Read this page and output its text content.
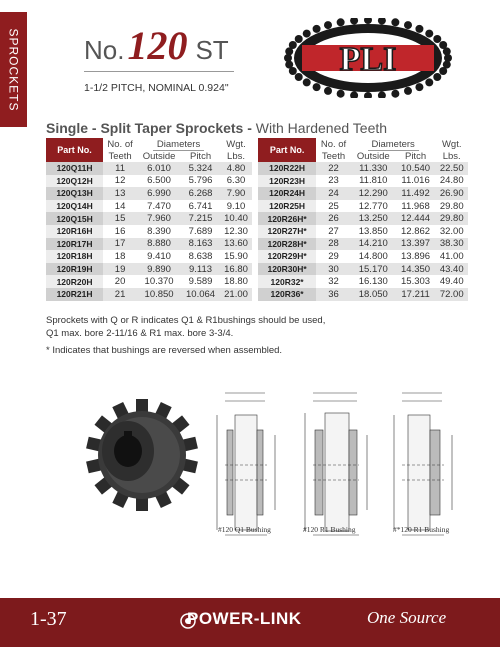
SPROCKETS No. 120 ST
1-1/2 PITCH, NOMINAL 0.924"
PLI
Single - Split Taper Sprockets - With Hardened Teeth
Part No.	No. of	Diameters		Wgt.
	Teeth	Outside	Pitch	Lbs.
120Q11H	11	6.010	5.324	4.80
120Q12H	12	6.500	5.796	6.30
120Q13H	13	6.990	6.268	7.90
120Q14H	14	7.470	6.741	9.10
120Q15H	15	7.960	7.215	10.40
120R16H	16	8.390	7.689	12.30
120R17H	17	8.880	8.163	13.60
120R18H	18	9.410	8.638	15.90
120R19H	19	9.890	9.113	16.80
120R20H	20	10.370	9.589	18.80
120R21H	21	10.850	10.064	21.00
Part No.	No. of	Diameters		Wgt.
	Teeth	Outside	Pitch	Lbs.
120R22H	22	11.330	10.540	22.50
120R23H	23	11.810	11.016	24.80
120R24H	24	12.290	11.492	26.90
120R25H	25	12.770	11.968	29.80
120R26H*	26	13.250	12.444	29.80
120R27H*	27	13.850	12.862	32.00
120R28H*	28	14.210	13.397	38.30
120R29H*	29	14.800	13.896	41.00
120R30H*	30	15.170	14.350	43.40
120R32*	32	16.130	15.303	49.40
120R36*	36	18.050	17.211	72.00

Sprockets with Q or R indicates Q1 & R1bushings should be used,

Q1 max. bore 2-11/16 & R1 max. bore 3-3/4.

* Indicates that bushings are reversed when assembled.

#120 Q1 Bushing	#120 R1 Bushing	#*120 R1 Bushing
1-37	POWER-LINK	One Source
